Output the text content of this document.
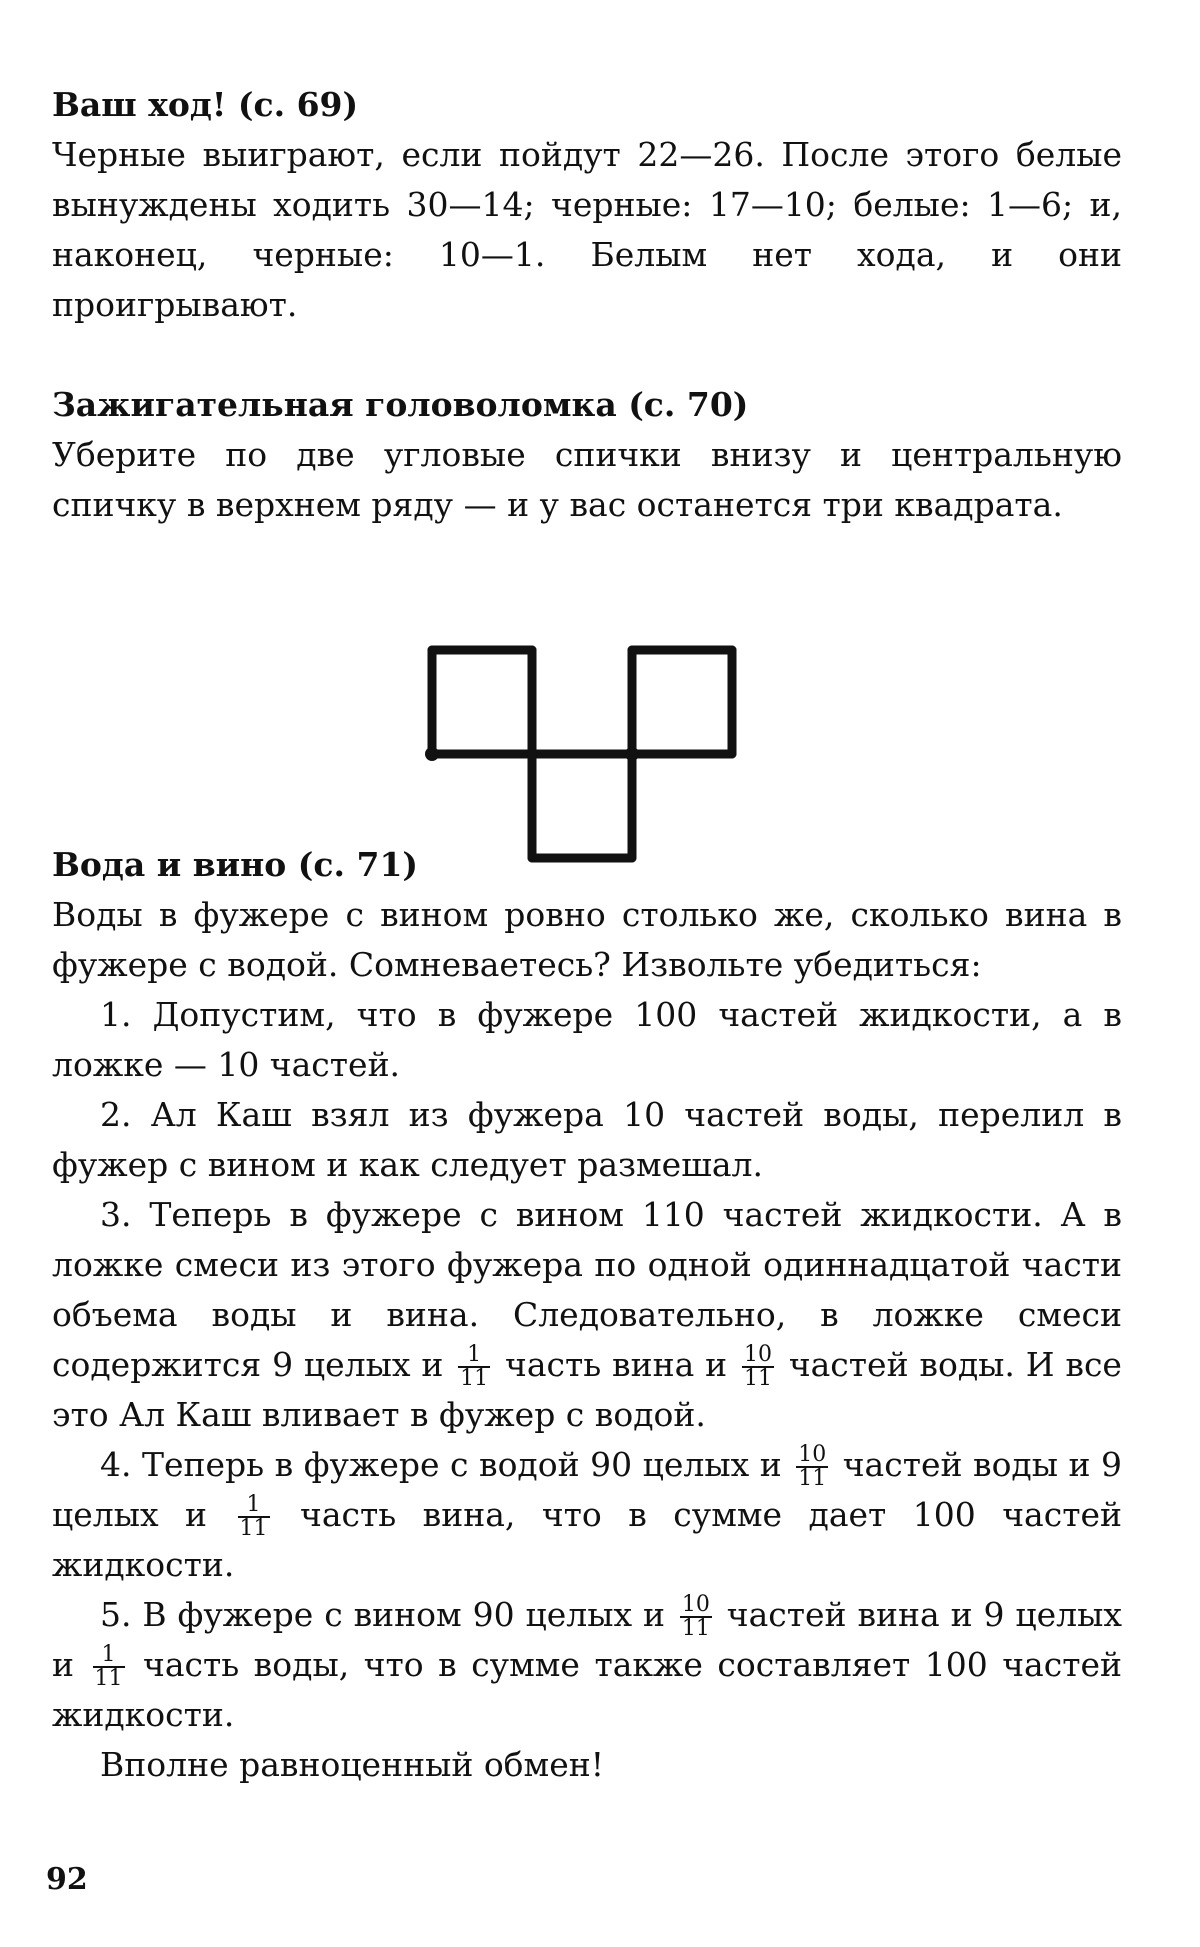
Ваш ход! (с. 69)

Черные выиграют, если пойдут 22—26. После этого белые вынуждены ходить 30—14; черные: 17—10; белые: 1—6; и, наконец, черные: 10—1. Белым нет хода, и они проигрывают.

Зажигательная головоломка (с. 70)

Уберите по две угловые спички внизу и центральную спичку в верхнем ряду — и у вас останется три квадрата.

Вода и вино (с. 71)

Воды в фужере с вином ровно столько же, сколько вина в фужере с водой. Сомневаетесь? Извольте убедиться:

1. Допустим, что в фужере 100 частей жидкости, а в ложке — 10 частей.

2. Ал Каш взял из фужера 10 частей воды, перелил в фужер с вином и как следует размешал.

3. Теперь в фужере с вином 110 частей жидкости. А в ложке смеси из этого фужера по одной одиннадцатой части объема воды и вина. Следовательно, в ложке смеси содержится 9 целых и $\frac{1}{11}$ часть вина и $\frac{10}{11}$ частей воды. И все это Ал Каш вливает в фужер с водой.

4. Теперь в фужере с водой 90 целых и $\frac{10}{11}$ частей воды и 9 целых и $\frac{1}{11}$ часть вина, что в сумме дает 100 частей жидкости.

5. В фужере с вином 90 целых и $\frac{10}{11}$ частей вина и 9 целых и $\frac{1}{11}$ часть воды, что в сумме также составляет 100 частей жидкости.

Вполне равноценный обмен!

92
